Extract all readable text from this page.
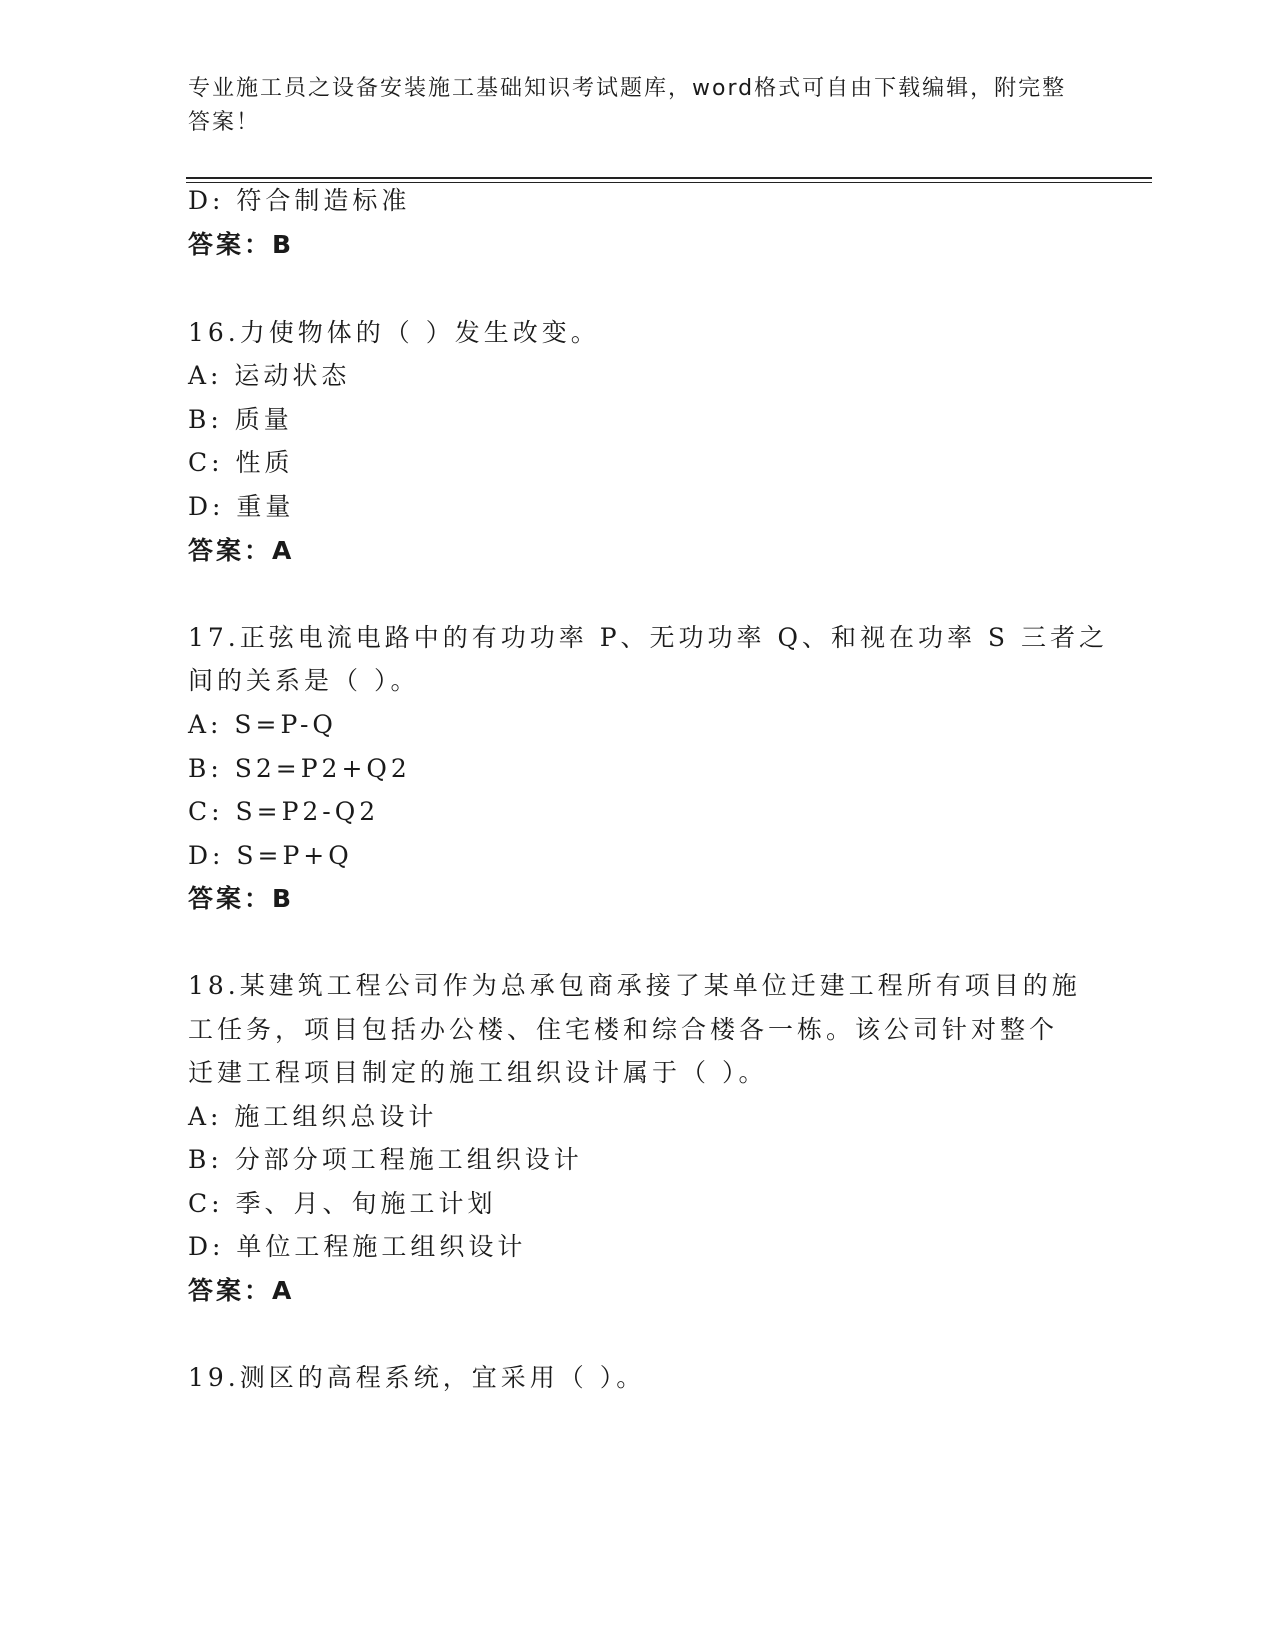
专业施工员之设备安装施工基础知识考试题库，word格式可自由下载编辑，附完整答案！
D: 符合制造标准
答案：B
16.力使物体的（ ）发生改变。
A: 运动状态
B: 质量
C: 性质
D: 重量
答案：A
17.正弦电流电路中的有功功率 P、无功功率 Q、和视在功率 S 三者之
间的关系是（ ）。
A: S=P-Q
B: S2=P2+Q2
C: S=P2-Q2
D: S=P+Q
答案：B
18.某建筑工程公司作为总承包商承接了某单位迁建工程所有项目的施
工任务，项目包括办公楼、住宅楼和综合楼各一栋。该公司针对整个
迁建工程项目制定的施工组织设计属于（ ）。
A: 施工组织总设计
B: 分部分项工程施工组织设计
C: 季、月、旬施工计划
D: 单位工程施工组织设计
答案：A
19.测区的高程系统，宜采用（ ）。
